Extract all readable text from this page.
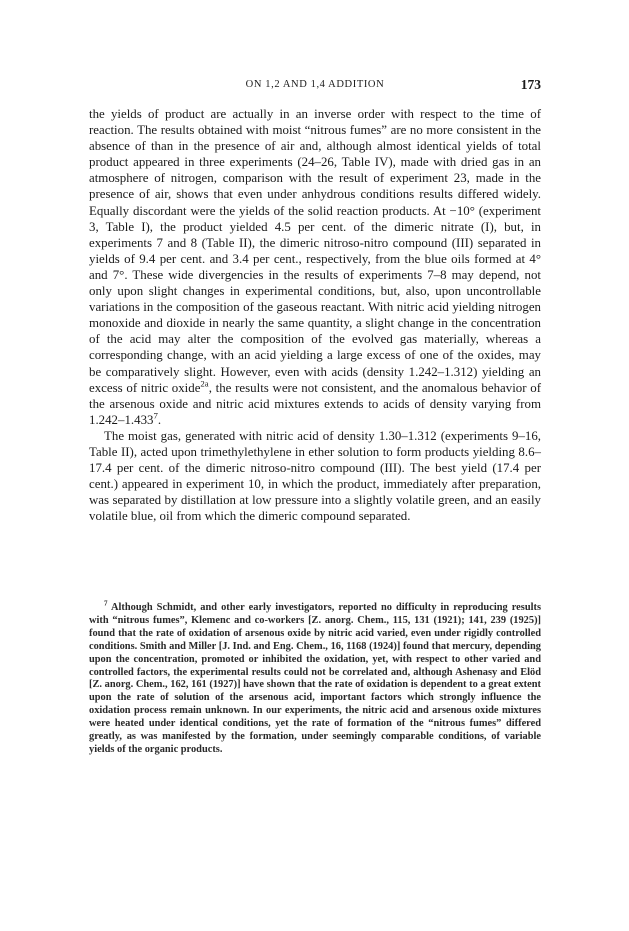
ON 1,2 AND 1,4 ADDITION	173

the yields of product are actually in an inverse order with respect to the time of reaction. The results obtained with moist “nitrous fumes” are no more consistent in the absence of than in the presence of air and, although almost identical yields of total product appeared in three experiments (24–26, Table IV), made with dried gas in an atmosphere of nitrogen, comparison with the result of experiment 23, made in the presence of air, shows that even under anhydrous conditions results differed widely. Equally discordant were the yields of the solid reaction products. At −10° (experiment 3, Table I), the product yielded 4.5 per cent. of the dimeric nitrate (I), but, in experiments 7 and 8 (Table II), the dimeric nitroso-nitro compound (III) separated in yields of 9.4 per cent. and 3.4 per cent., respectively, from the blue oils formed at 4° and 7°. These wide divergencies in the results of experiments 7–8 may depend, not only upon slight changes in experimental conditions, but, also, upon uncontrollable variations in the composition of the gaseous reactant. With nitric acid yielding nitrogen monoxide and dioxide in nearly the same quantity, a slight change in the concentration of the acid may alter the composition of the evolved gas materially, whereas a corresponding change, with an acid yielding a large excess of one of the oxides, may be comparatively slight. However, even with acids (density 1.242–1.312) yielding an excess of nitric oxide$^{2a}$, the results were not consistent, and the anomalous behavior of the arsenous oxide and nitric acid mixtures extends to acids of density varying from 1.242–1.433$^7$.

The moist gas, generated with nitric acid of density 1.30–1.312 (experiments 9–16, Table II), acted upon trimethylethylene in ether solution to form products yielding 8.6–17.4 per cent. of the dimeric nitroso-nitro compound (III). The best yield (17.4 per cent.) appeared in experiment 10, in which the product, immediately after preparation, was separated by distillation at low pressure into a slightly volatile green, and an easily volatile blue, oil from which the dimeric compound separated.

$^7$ Although Schmidt, and other early investigators, reported no difficulty in reproducing results with “nitrous fumes”, Klemenc and co-workers [Z. anorg. Chem., 115, 131 (1921); 141, 239 (1925)] found that the rate of oxidation of arsenous oxide by nitric acid varied, even under rigidly controlled conditions. Smith and Miller [J. Ind. and Eng. Chem., 16, 1168 (1924)] found that mercury, depending upon the concentration, promoted or inhibited the oxidation, yet, with respect to other varied and controlled factors, the experimental results could not be correlated and, although Ashenasy and Elöd [Z. anorg. Chem., 162, 161 (1927)] have shown that the rate of oxidation is dependent to a great extent upon the rate of solution of the arsenous acid, important factors which strongly influence the oxidation process remain unknown. In our experiments, the nitric acid and arsenous oxide mixtures were heated under identical conditions, yet the rate of formation of the “nitrous fumes” differed greatly, as was manifested by the formation, under seemingly comparable conditions, of variable yields of the organic products.
